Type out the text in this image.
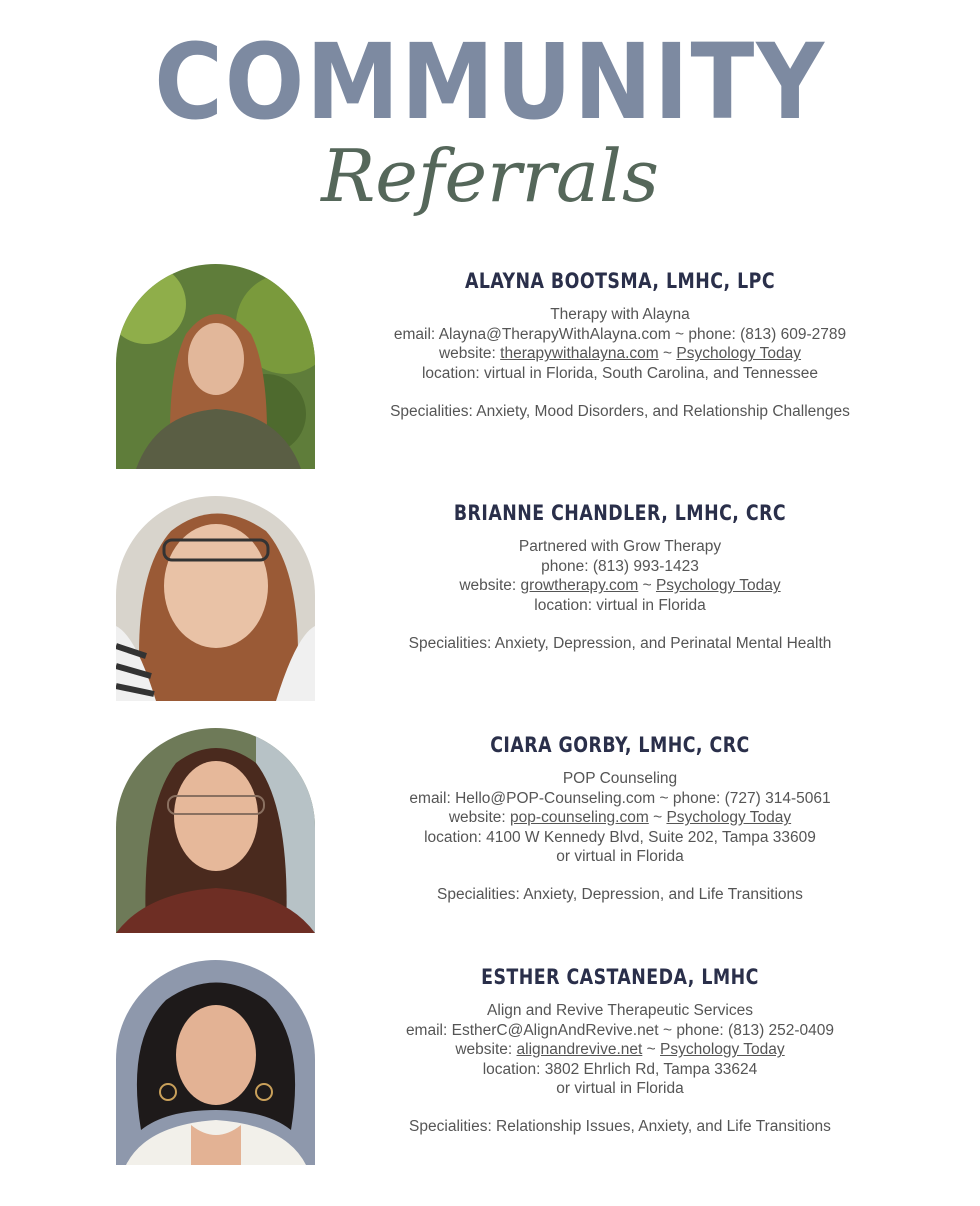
COMMUNITY
Referrals
ALAYNA BOOTSMA, LMHC, LPC
Therapy with Alayna
email: Alayna@TherapyWithAlayna.com ~ phone: (813) 609-2789
website: therapywithalayna.com ~ Psychology Today
location: virtual in Florida, South Carolina, and Tennessee
Specialities: Anxiety, Mood Disorders, and Relationship Challenges
BRIANNE CHANDLER, LMHC, CRC
Partnered with Grow Therapy
phone: (813) 993-1423
website: growtherapy.com ~ Psychology Today
location: virtual in Florida
Specialities: Anxiety, Depression, and Perinatal Mental Health
CIARA GORBY, LMHC, CRC
POP Counseling
email: Hello@POP-Counseling.com ~ phone: (727) 314-5061
website: pop-counseling.com ~ Psychology Today
location: 4100 W Kennedy Blvd, Suite 202, Tampa 33609
or virtual in Florida
Specialities: Anxiety, Depression, and Life Transitions
ESTHER CASTANEDA, LMHC
Align and Revive Therapeutic Services
email: EstherC@AlignAndRevive.net ~ phone: (813) 252-0409
website: alignandrevive.net ~ Psychology Today
location: 3802 Ehrlich Rd, Tampa 33624
or virtual in Florida
Specialities: Relationship Issues, Anxiety, and Life Transitions
